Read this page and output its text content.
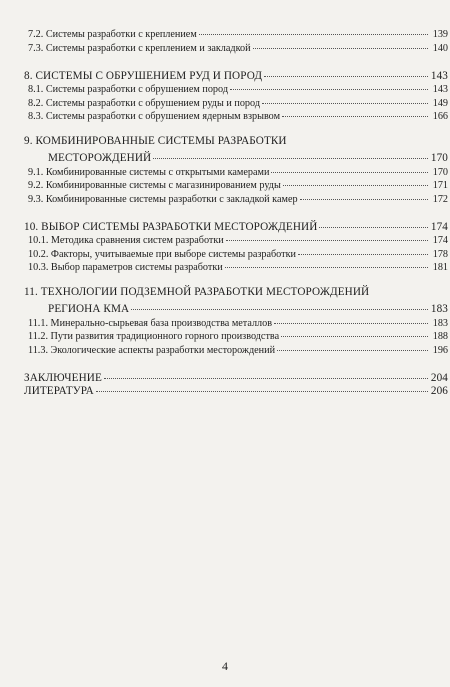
7.2. Системы разработки с креплением	139
7.3. Системы разработки с креплением и закладкой	140
8. СИСТЕМЫ С ОБРУШЕНИЕМ РУД И ПОРОД	143
8.1. Системы разработки с обрушением пород	143
8.2. Системы разработки с обрушением руды и пород	149
8.3. Системы разработки с обрушением ядерным взрывом	166
9. КОМБИНИРОВАННЫЕ СИСТЕМЫ РАЗРАБОТКИ
МЕСТОРОЖДЕНИЙ	170
9.1. Комбинированные системы с открытыми камерами	170
9.2. Комбинированные системы с магазинированием руды	171
9.3. Комбинированные системы разработки с закладкой камер	172
10. ВЫБОР СИСТЕМЫ РАЗРАБОТКИ МЕСТОРОЖДЕНИЙ	174
10.1. Методика сравнения систем разработки	174
10.2. Факторы, учитываемые при выборе системы разработки	178
10.3. Выбор параметров системы разработки	181
11. ТЕХНОЛОГИИ ПОДЗЕМНОЙ РАЗРАБОТКИ МЕСТОРОЖДЕНИЙ
РЕГИОНА КМА	183
11.1. Минерально-сырьевая база производства металлов	183
11.2. Пути развития традиционного горного производства	188
11.3. Экологические аспекты разработки месторождений	196
ЗАКЛЮЧЕНИЕ	204
ЛИТЕРАТУРА	206
4
